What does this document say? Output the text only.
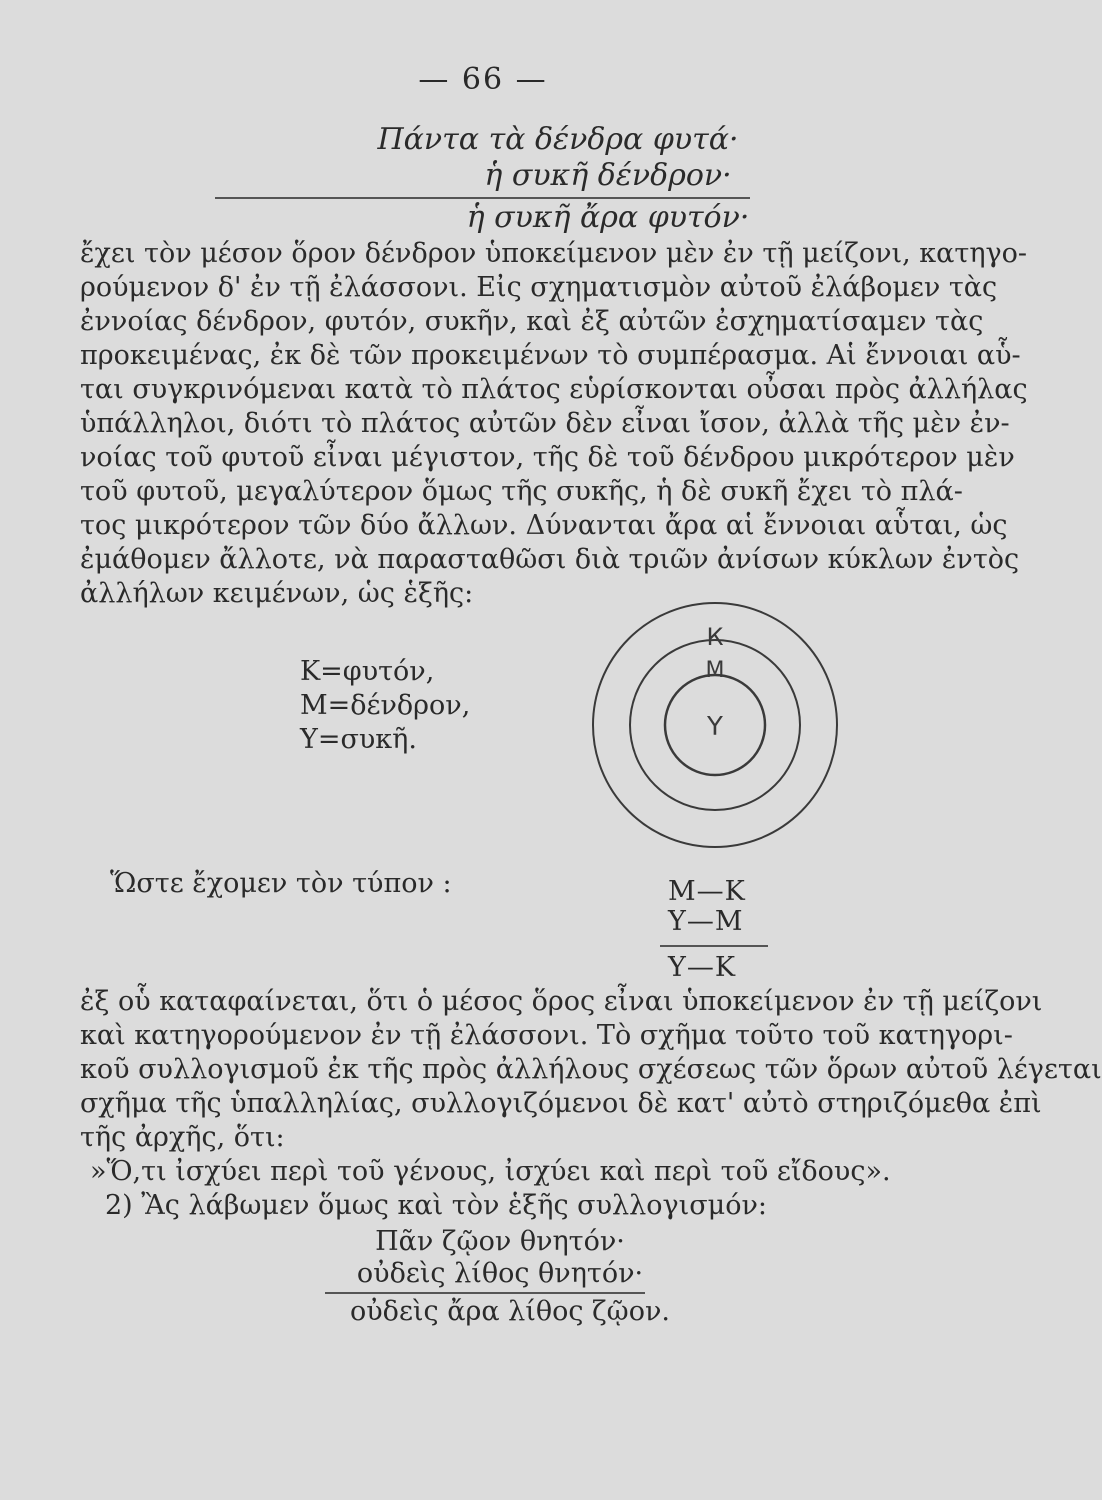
— 66 —
Πάντα τὰ δένδρα φυτά·
ἡ συκῆ δένδρον·
ἡ συκῆ ἄρα φυτόν·
ἔχει τὸν μέσον ὅρον δένδρον ὑποκείμενον μὲν ἐν τῇ μείζονι, κατηγο-
ρούμενον δ' ἐν τῇ ἐλάσσονι. Εἰς σχηματισμὸν αὐτοῦ ἐλάβομεν τὰς
ἐννοίας δένδρον, φυτόν, συκῆν, καὶ ἐξ αὐτῶν ἐσχηματίσαμεν τὰς
προκειμένας, ἐκ δὲ τῶν προκειμένων τὸ συμπέρασμα. Αἱ ἔννοιαι αὗ-
ται συγκρινόμεναι κατὰ τὸ πλάτος εὑρίσκονται οὖσαι πρὸς ἀλλήλας
ὑπάλληλοι, διότι τὸ πλάτος αὐτῶν δὲν εἶναι ἴσον, ἀλλὰ τῆς μὲν ἐν-
νοίας τοῦ φυτοῦ εἶναι μέγιστον, τῆς δὲ τοῦ δένδρου μικρότερον μὲν
τοῦ φυτοῦ, μεγαλύτερον ὅμως τῆς συκῆς, ἡ δὲ συκῆ ἔχει τὸ πλά-
τος μικρότερον τῶν δύο ἄλλων. Δύνανται ἄρα αἱ ἔννοιαι αὗται, ὡς
ἐμάθομεν ἄλλοτε, νὰ παρασταθῶσι διὰ τριῶν ἀνίσων κύκλων ἐντὸς
ἀλλήλων κειμένων, ὡς ἑξῆς:
Κ=φυτόν,
Μ=δένδρον,
Υ=συκῆ.
К
М
Υ
Ὥστε ἔχομεν τὸν τύπον :	Μ—Κ
Υ—Μ
Υ—Κ
ἐξ οὗ καταφαίνεται, ὅτι ὁ μέσος ὅρος εἶναι ὑποκείμενον ἐν τῇ μείζονι
καὶ κατηγορούμενον ἐν τῇ ἐλάσσονι. Τὸ σχῆμα τοῦτο τοῦ κατηγορι-
κοῦ συλλογισμοῦ ἐκ τῆς πρὸς ἀλλήλους σχέσεως τῶν ὅρων αὐτοῦ λέγεται
σχῆμα τῆς ὑπαλληλίας, συλλογιζόμενοι δὲ κατ' αὐτὸ στηριζόμεθα ἐπὶ
τῆς ἀρχῆς, ὅτι:
»Ὅ,τι ἰσχύει περὶ τοῦ γένους, ἰσχύει καὶ περὶ τοῦ εἴδους».
2) Ἂς λάβωμεν ὅμως καὶ τὸν ἑξῆς συλλογισμόν:
Πᾶν ζῷον θνητόν·
οὐδεὶς λίθος θνητόν·
οὐδεὶς ἄρα λίθος ζῷον.
